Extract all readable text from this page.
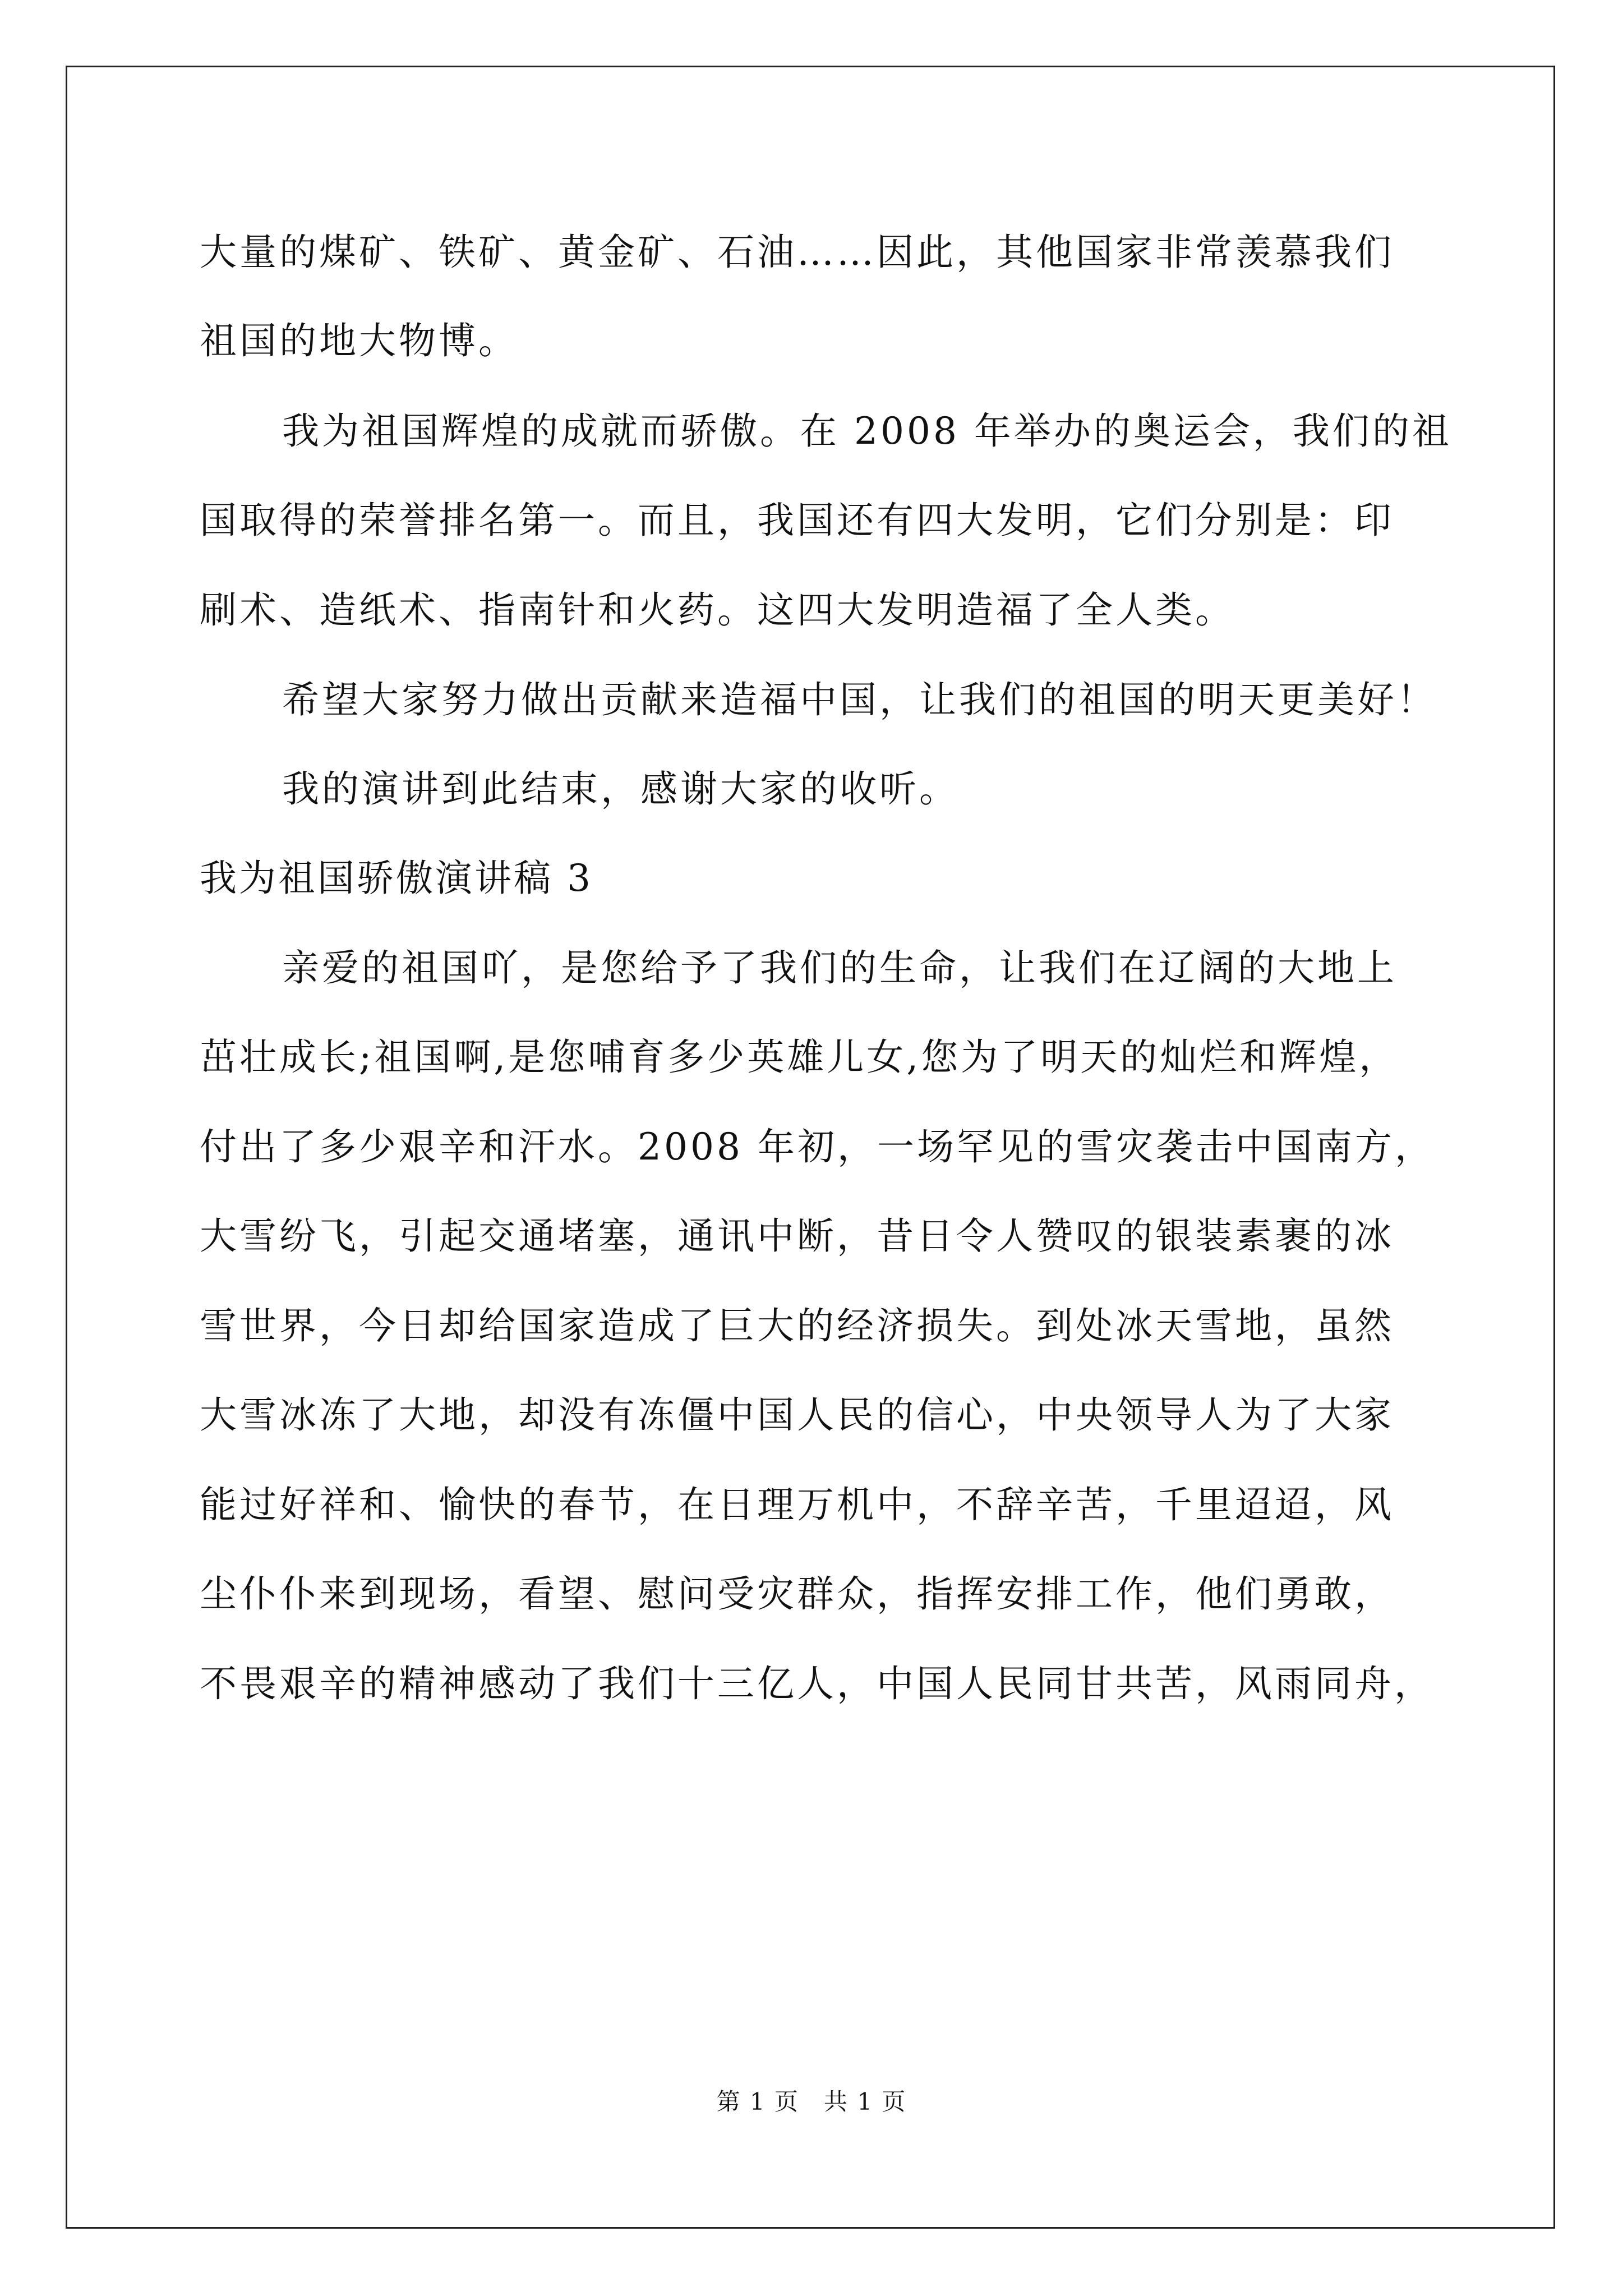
大量的煤矿、铁矿、黄金矿、石油……因此，其他国家非常羡慕我们
祖国的地大物博。
我为祖国辉煌的成就而骄傲。在 2008 年举办的奥运会，我们的祖
国取得的荣誉排名第一。而且，我国还有四大发明，它们分别是：印
刷术、造纸术、指南针和火药。这四大发明造福了全人类。
希望大家努力做出贡献来造福中国，让我们的祖国的明天更美好！
我的演讲到此结束，感谢大家的收听。
我为祖国骄傲演讲稿 3
亲爱的祖国吖，是您给予了我们的生命，让我们在辽阔的大地上
茁壮成长;祖国啊,是您哺育多少英雄儿女,您为了明天的灿烂和辉煌，
付出了多少艰辛和汗水。2008 年初，一场罕见的雪灾袭击中国南方，
大雪纷飞，引起交通堵塞，通讯中断，昔日令人赞叹的银装素裹的冰
雪世界，今日却给国家造成了巨大的经济损失。到处冰天雪地，虽然
大雪冰冻了大地，却没有冻僵中国人民的信心，中央领导人为了大家
能过好祥和、愉快的春节，在日理万机中，不辞辛苦，千里迢迢，风
尘仆仆来到现场，看望、慰问受灾群众，指挥安排工作，他们勇敢，
不畏艰辛的精神感动了我们十三亿人，中国人民同甘共苦，风雨同舟，
第 1 页　共 1 页
